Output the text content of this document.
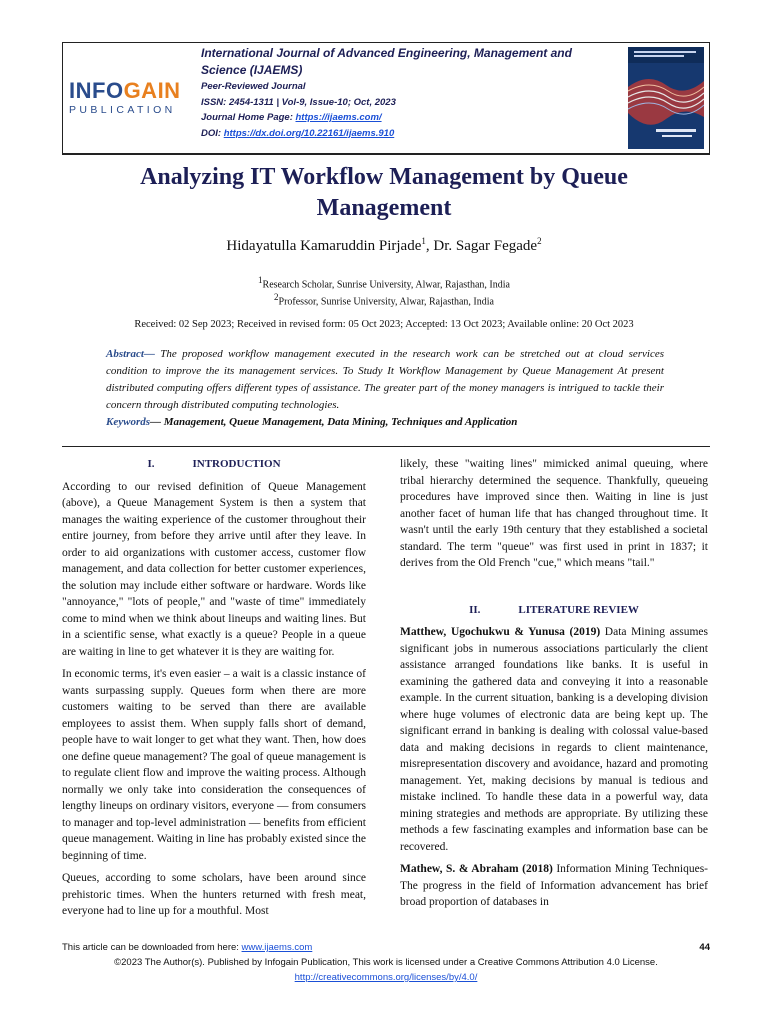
INFOGAIN
PUBLICATION
International Journal of Advanced Engineering, Management and Science (IJAEMS)
Peer-Reviewed Journal
ISSN: 2454-1311 | Vol-9, Issue-10; Oct, 2023
Journal Home Page: https://ijaems.com/
DOI: https://dx.doi.org/10.22161/ijaems.910
Analyzing IT Workflow Management by Queue Management
Hidayatulla Kamaruddin Pirjade$^1$, Dr. Sagar Fegade$^2$
$^1$Research Scholar, Sunrise University, Alwar, Rajasthan, India
$^2$Professor, Sunrise University, Alwar, Rajasthan, India
Received: 02 Sep 2023; Received in revised form: 05 Oct 2023; Accepted: 13 Oct 2023; Available online: 20 Oct 2023
Abstract— The proposed workflow management executed in the research work can be stretched out at cloud services condition to improve the its management services. To Study It Workflow Management by Queue Management At present distributed computing offers different types of assistance. The greater part of the money managers is intrigued to tackle their concern through distributed computing technologies.
Keywords— Management, Queue Management, Data Mining, Techniques and Application
I.	INTRODUCTION

According to our revised definition of Queue Management (above), a Queue Management System is then a system that manages the waiting experience of the customer throughout their entire journey, from before they arrive until after they leave. In order to aid organizations with customer access, customer flow management, and data collection for better customer experiences, the solution may include either software or hardware. Words like "annoyance," "lots of people," and "waste of time" immediately come to mind when we think about lineups and waiting lines. But in a scientific sense, what exactly is a queue? People in a queue are waiting in line to get whatever it is they are waiting for.

In economic terms, it's even easier – a wait is a classic instance of wants surpassing supply. Queues form when there are more customers waiting to be served than there are available employees to assist them. When supply falls short of demand, people have to wait longer to get what they want. Then, how does one define queue management? The goal of queue management is to regulate client flow and improve the waiting process. Although normally we only take into consideration the consequences of lengthy lineups on ordinary visitors, everyone — from consumers to manager and top-level administration — benefits from efficient queue management. Waiting in line has probably existed since the beginning of time.

Queues, according to some scholars, have been around since prehistoric times. When the hunters returned with fresh meat, everyone had to line up for a mouthful. Most

likely, these "waiting lines" mimicked animal queuing, where tribal hierarchy determined the sequence. Thankfully, queueing procedures have improved since then. Waiting in line is just another facet of human life that has changed throughout time. It wasn't until the early 19th century that they established a societal standard. The term "queue" was first used in print in 1837; it derives from the Old French "cue," which means "tail."

II.	LITERATURE REVIEW

Matthew, Ugochukwu & Yunusa (2019) Data Mining assumes significant jobs in numerous associations particularly the client assistance arranged foundations like banks. It is useful in examining the gathered data and conveying it into a reasonable example. In the current situation, banking is a developing division where huge volumes of electronic data are being kept up. The significant errand in banking is dealing with colossal value-based data and making decisions in regards to client maintenance, misrepresentation discovery and avoidance, hazard and promoting management. Yet, making decisions by manual is tedious and mistake inclined. To handle these data in a powerful way, data mining strategies and methods are appropriate. By utilizing these methods a few fascinating examples and information base can be recovered.

Mathew, S. & Abraham (2018) Information Mining Techniques-The progress in the field of Information advancement has brief broad proportion of databases in

This article can be downloaded from here: www.ijaems.com	44
©2023 The Author(s). Published by Infogain Publication, This work is licensed under a Creative Commons Attribution 4.0 License.
http://creativecommons.org/licenses/by/4.0/
